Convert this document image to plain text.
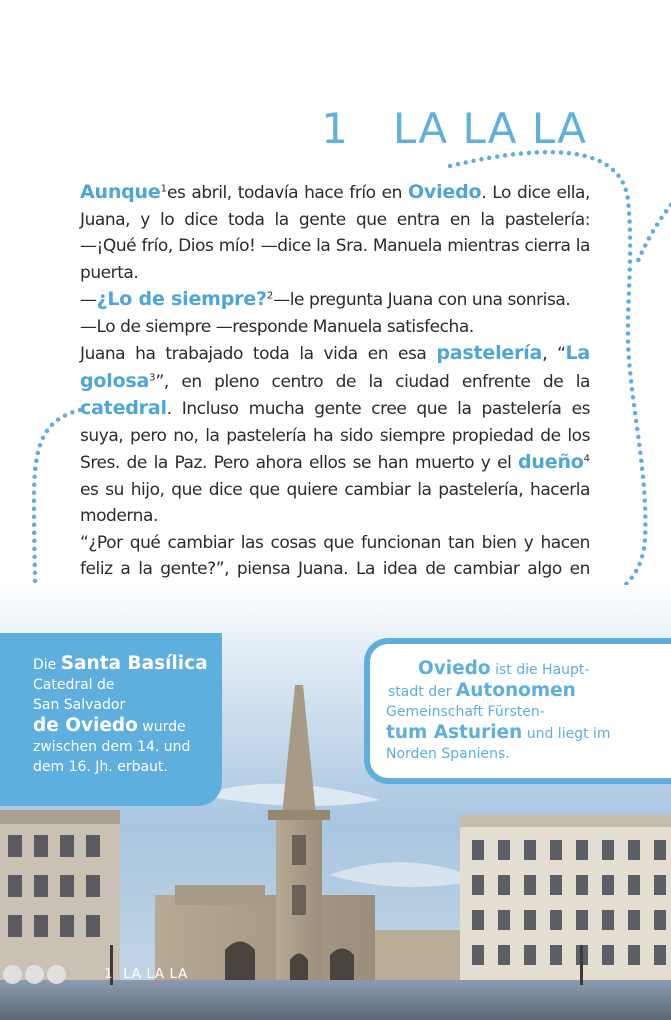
1 LA LA LA

Aunque$^1$es abril, todavía hace frío en Oviedo. Lo dice ella, Juana, y lo dice toda la gente que entra en la pastelería:

—¡Qué frío, Dios mío! —dice la Sra. Manuela mientras cierra la puerta.

—¿Lo de siempre?$^2$—le pregunta Juana con una sonrisa.

—Lo de siempre —responde Manuela satisfecha.

Juana ha trabajado toda la vida en esa pastelería, “La golosa$^3$”, en pleno centro de la ciudad enfrente de la catedral. Incluso mucha gente cree que la pastelería es suya, pero no, la pastelería ha sido siempre propiedad de los Sres. de la Paz. Pero ahora ellos se han muerto y el dueño$^4$ es su hijo, que dice que quiere cambiar la pastelería, hacerla moderna.

“¿Por qué cambiar las cosas que funcionan tan bien y hacen feliz a la gente?”, piensa Juana. La idea de cambiar algo en

Die Santa Basílica
Catedral de
San Salvador
de Oviedo wurde
zwischen dem 14. und
dem 16. Jh. erbaut.
Oviedo ist die Haupt-
stadt der Autonomen
Gemeinschaft Fürsten-
tum Asturien und liegt im
Norden Spaniens.
1 LA LA LA
